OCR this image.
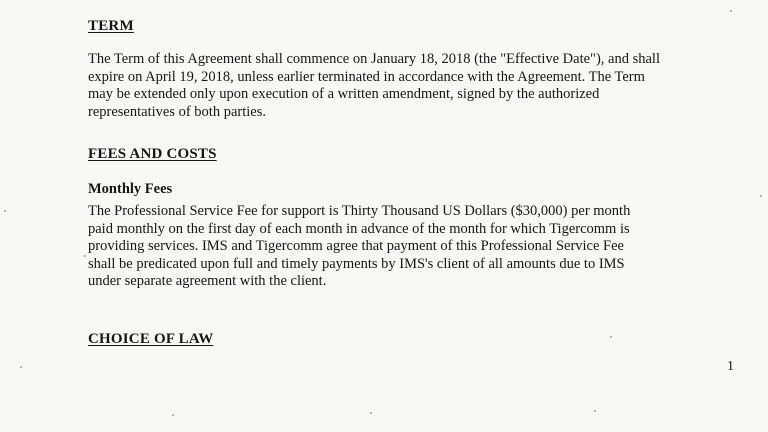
TERM
The Term of this Agreement shall commence on January 18, 2018 (the "Effective Date"), and shall
expire on April 19, 2018, unless earlier terminated in accordance with the Agreement. The Term
may be extended only upon execution of a written amendment, signed by the authorized
representatives of both parties.
FEES AND COSTS
Monthly Fees
The Professional Service Fee for support is Thirty Thousand US Dollars ($30,000) per month
paid monthly on the first day of each month in advance of the month for which Tigercomm is
providing services. IMS and Tigercomm agree that payment of this Professional Service Fee
shall be predicated upon full and timely payments by IMS's client of all amounts due to IMS
under separate agreement with the client.
CHOICE OF LAW
1
